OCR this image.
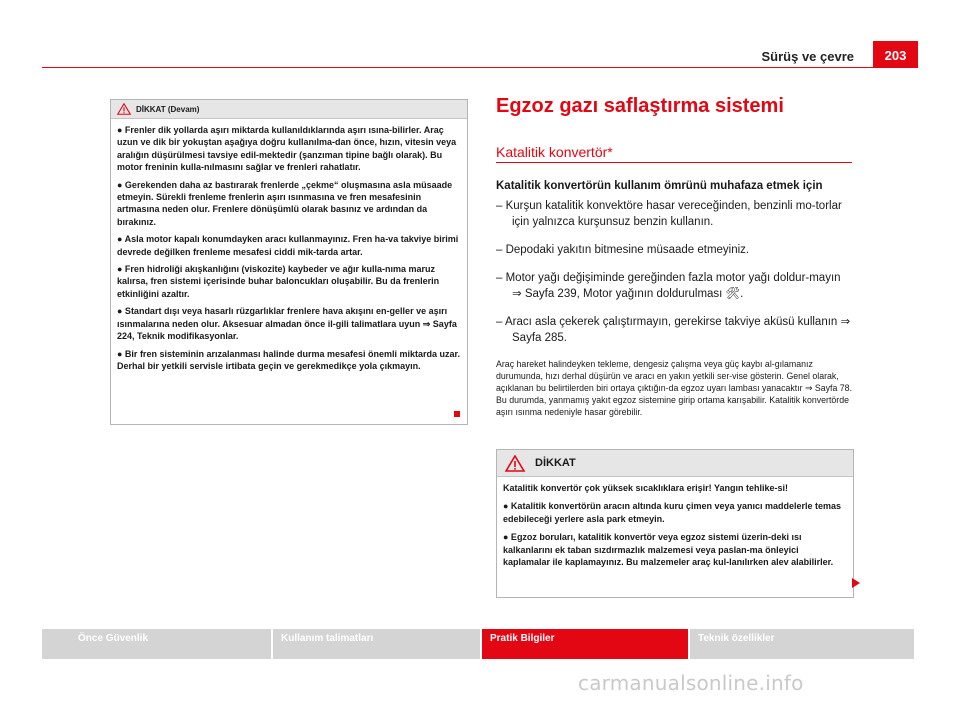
Sürüş ve çevre	203
DİKKAT (Devam)

● Frenler dik yollarda aşırı miktarda kullanıldıklarında aşırı ısına-bilirler. Araç uzun ve dik bir yokuştan aşağıya doğru kullanılma-dan önce, hızın, vitesin veya aralığın düşürülmesi tavsiye edil-mektedir (şanzıman tipine bağlı olarak). Bu motor freninin kulla-nılmasını sağlar ve frenleri rahatlatır.

● Gerekenden daha az bastırarak frenlerde „çekme“ oluşmasına asla müsaade etmeyin. Sürekli frenleme frenlerin aşırı ısınmasına ve fren mesafesinin artmasına neden olur. Frenlere dönüşümlü olarak basınız ve ardından da bırakınız.

● Asla motor kapalı konumdayken aracı kullanmayınız. Fren ha-va takviye birimi devrede değilken frenleme mesafesi ciddi mik-tarda artar.

● Fren hidroliği akışkanlığını (viskozite) kaybeder ve ağır kulla-nıma maruz kalırsa, fren sistemi içerisinde buhar baloncukları oluşabilir. Bu da frenlerin etkinliğini azaltır.

● Standart dışı veya hasarlı rüzgarlıklar frenlere hava akışını en-geller ve aşırı ısınmalarına neden olur. Aksesuar almadan önce il-gili talimatlara uyun ⇒ Sayfa 224, Teknik modifikasyonlar.

● Bir fren sisteminin arızalanması halinde durma mesafesi önemli miktarda uzar. Derhal bir yetkili servisle irtibata geçin ve gerekmedikçe yola çıkmayın.

Egzoz gazı saflaştırma sistemi
Katalitik konvertör*
Katalitik konvertörün kullanım ömrünü muhafaza etmek için
– Kurşun katalitik konvektöre hasar vereceğinden, benzinli mo-torlar için yalnızca kurşunsuz benzin kullanın.
– Depodaki yakıtın bitmesine müsaade etmeyiniz.
– Motor yağı değişiminde gereğinden fazla motor yağı doldur-mayın ⇒ Sayfa 239, Motor yağının doldurulması 🛠.
– Aracı asla çekerek çalıştırmayın, gerekirse takviye aküsü kullanın ⇒ Sayfa 285.
Araç hareket halindeyken tekleme, dengesiz çalışma veya güç kaybı al-gılamanız durumunda, hızı derhal düşürün ve aracı en yakın yetkili ser-vise gösterin. Genel olarak, açıklanan bu belirtilerden biri ortaya çıktığın-da egzoz uyarı lambası yanacaktır ⇒ Sayfa 78. Bu durumda, yanmamış yakıt egzoz sistemine girip ortama karışabilir. Katalitik konvertörde aşırı ısınma nedeniyle hasar görebilir.
DİKKAT

Katalitik konvertör çok yüksek sıcaklıklara erişir! Yangın tehlike-si!

● Katalitik konvertörün aracın altında kuru çimen veya yanıcı maddelerle temas edebileceği yerlere asla park etmeyin.

● Egzoz boruları, katalitik konvertör veya egzoz sistemi üzerin-deki ısı kalkanlarını ek taban sızdırmazlık malzemesi veya paslan-ma önleyici kaplamalar ile kaplamayınız. Bu malzemeler araç kul-lanılırken alev alabilirler.

Önce Güvenlik	Kullanım talimatları	Pratik Bilgiler	Teknik özellikler
carmanualsonline.info
